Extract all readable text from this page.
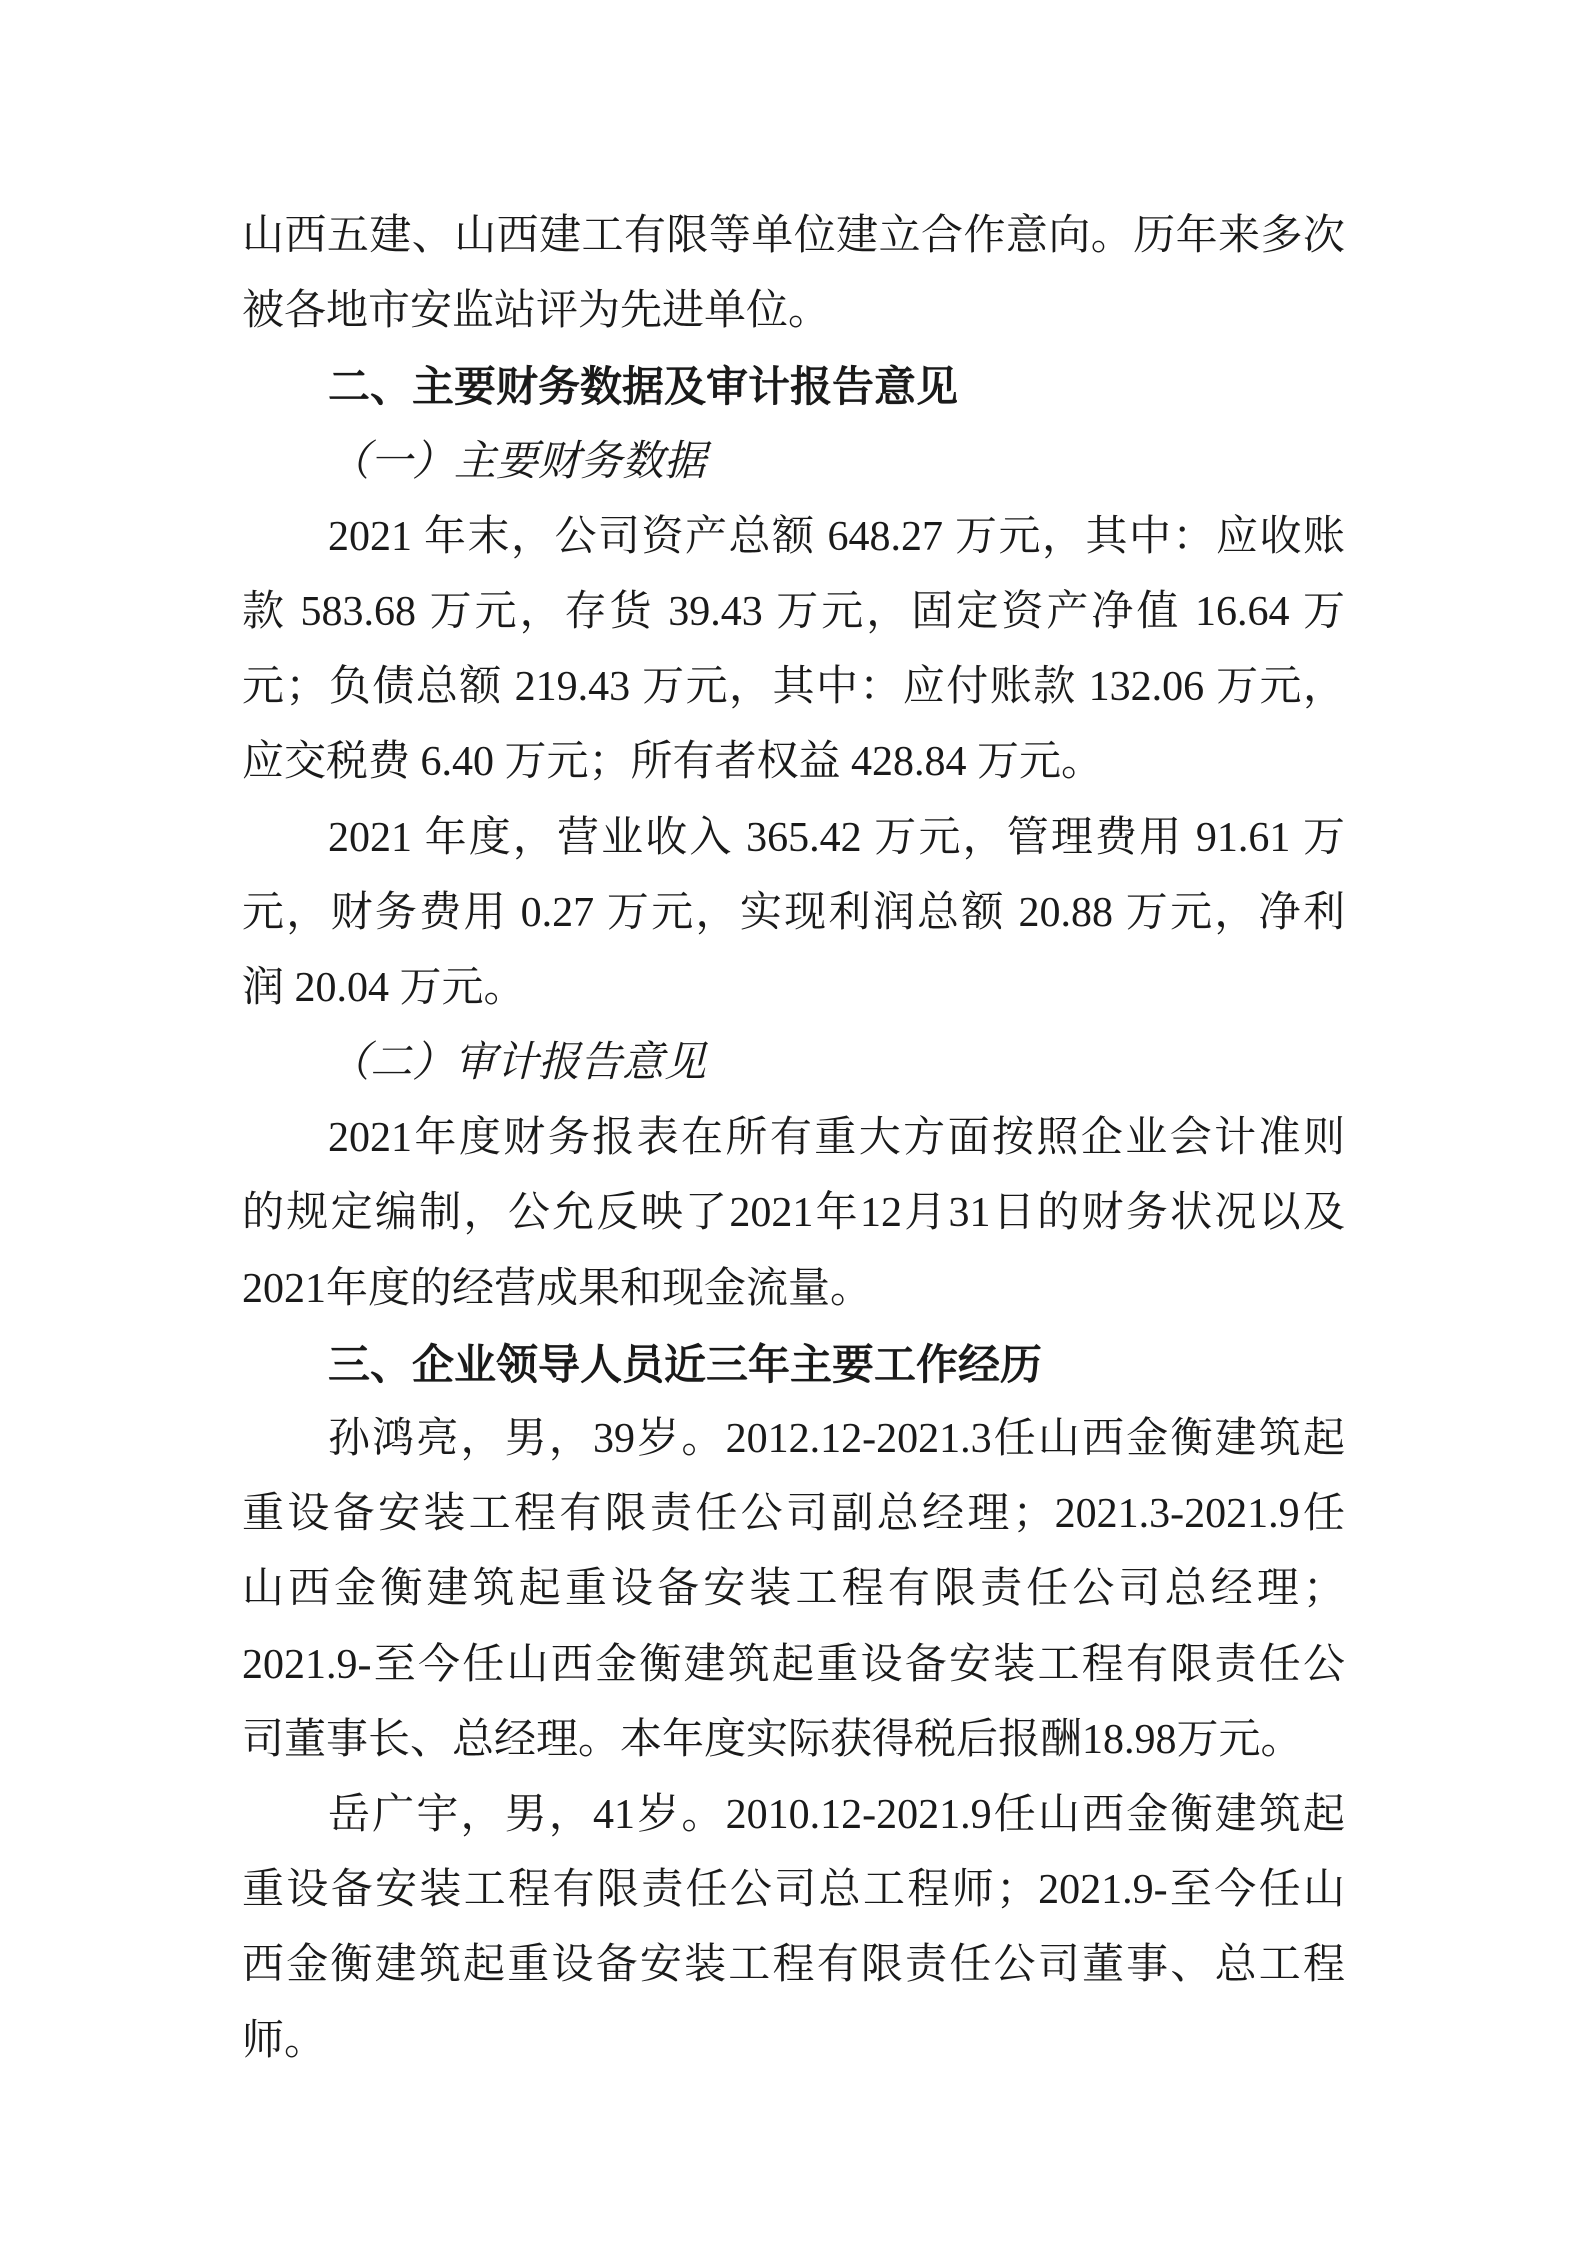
山西五建、山西建工有限等单位建立合作意向。历年来多次
被各地市安监站评为先进单位。
二、主要财务数据及审计报告意见
（一）主要财务数据
2021 年末，公司资产总额 648.27 万元，其中：应收账
款 583.68 万元，存货 39.43 万元，固定资产净值 16.64 万
元；负债总额 219.43 万元，其中：应付账款 132.06 万元，
应交税费 6.40 万元；所有者权益 428.84 万元。
2021 年度，营业收入 365.42 万元，管理费用 91.61 万
元，财务费用 0.27 万元，实现利润总额 20.88 万元，净利
润 20.04 万元。
（二）审计报告意见
2021年度财务报表在所有重大方面按照企业会计准则
的规定编制，公允反映了2021年12月31日的财务状况以及
2021年度的经营成果和现金流量。
三、企业领导人员近三年主要工作经历
孙鸿亮，男，39岁。2012.12-2021.3任山西金衡建筑起
重设备安装工程有限责任公司副总经理；2021.3-2021.9任
山西金衡建筑起重设备安装工程有限责任公司总经理；
2021.9-至今任山西金衡建筑起重设备安装工程有限责任公
司董事长、总经理。本年度实际获得税后报酬18.98万元。
岳广宇，男，41岁。2010.12-2021.9任山西金衡建筑起
重设备安装工程有限责任公司总工程师；2021.9-至今任山
西金衡建筑起重设备安装工程有限责任公司董事、总工程师。
